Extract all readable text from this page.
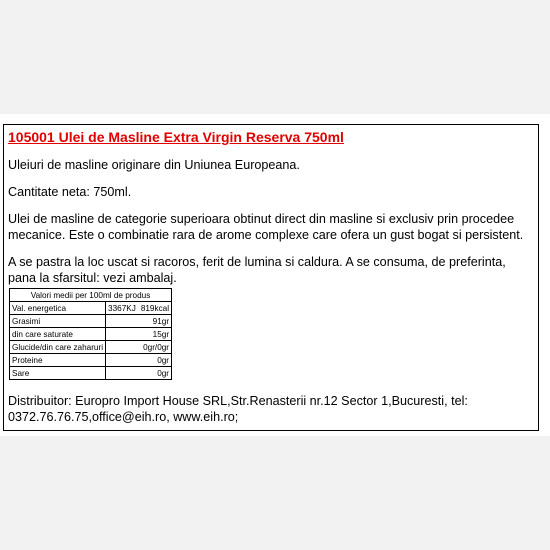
105001 Ulei de Masline Extra Virgin Reserva 750ml

Uleiuri de masline originare din Uniunea Europeana.

Cantitate neta: 750ml.

Ulei de masline de categorie superioara obtinut direct din masline si exclusiv prin procedee mecanice. Este o combinatie rara de arome complexe care ofera un gust bogat si persistent.

A se pastra la loc uscat si racoros, ferit de lumina si caldura. A se consuma, de preferinta, pana la sfarsitul: vezi ambalaj.

Valori medii per 100ml de produs	
Val. energetica	3367KJ 819kcal
Grasimi	91gr
din care saturate	15gr
Glucide/din care zaharuri	0gr/0gr
Proteine	0gr
Sare	0gr

Distribuitor: Europro Import House SRL,Str.Renasterii nr.12 Sector 1,Bucuresti, tel: 0372.76.76.75,office@eih.ro, www.eih.ro;
